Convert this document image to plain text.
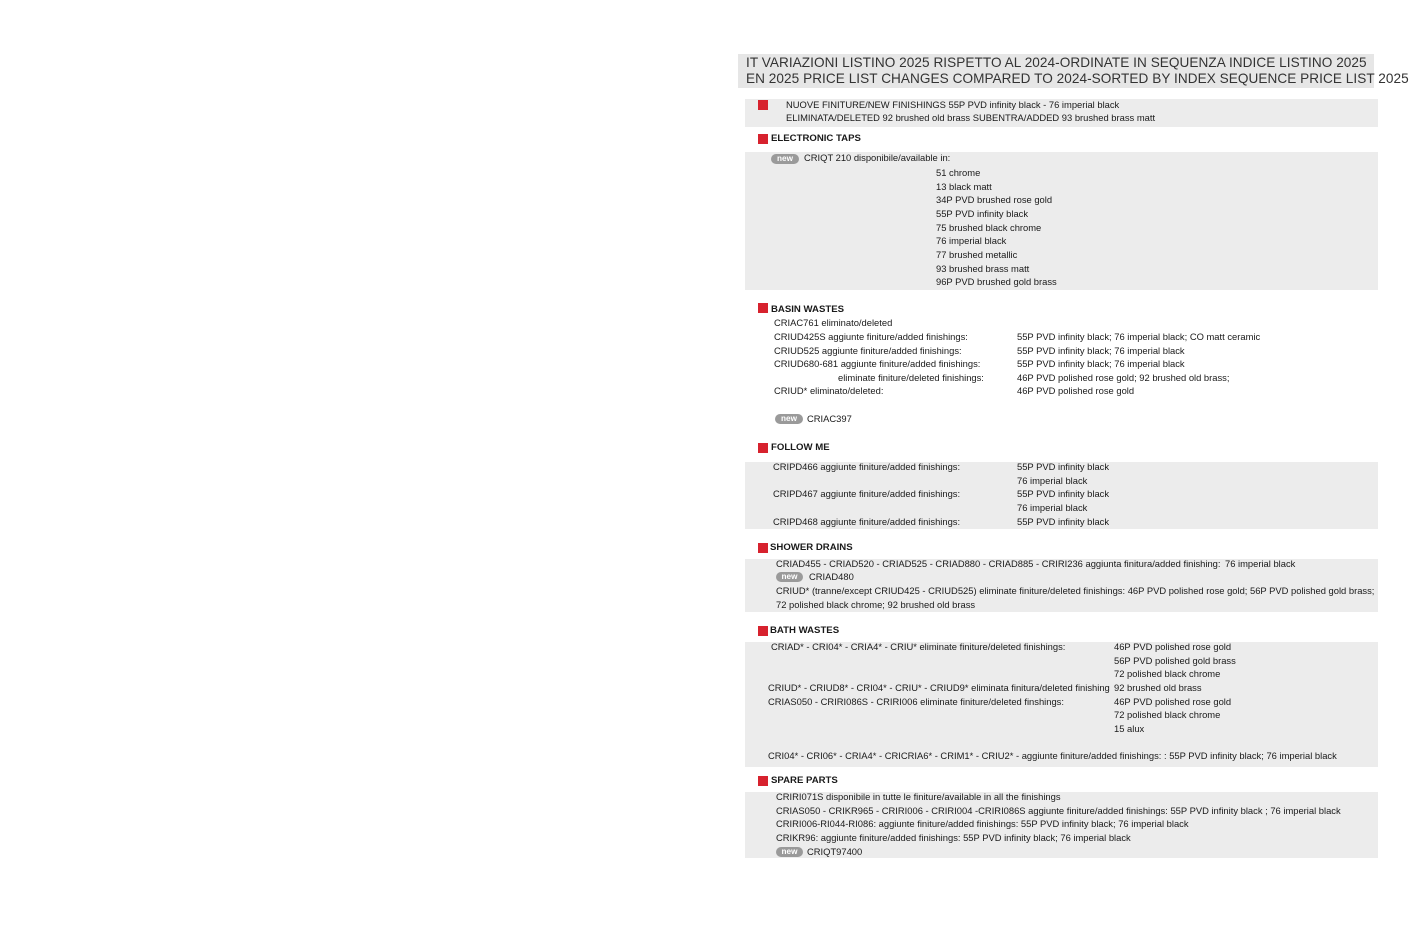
IT VARIAZIONI LISTINO 2025 RISPETTO AL 2024-ORDINATE IN SEQUENZA INDICE LISTINO 2025
EN 2025 PRICE LIST CHANGES COMPARED TO 2024-SORTED BY INDEX SEQUENCE PRICE LIST 2025
NUOVE FINITURE/NEW FINISHINGS 55P PVD infinity black - 76 imperial black
ELIMINATA/DELETED 92 brushed old brass SUBENTRA/ADDED 93 brushed brass matt
ELECTRONIC TAPS
new	CRIQT 210 disponibile/available in:
51 chrome
13 black matt
34P PVD brushed rose gold
55P PVD infinity black
75 brushed black chrome
76 imperial black
77 brushed metallic
93 brushed brass matt
96P PVD brushed gold brass
BASIN WASTES
CRIAC761 eliminato/deleted
CRIUD425S aggiunte finiture/added finishings:	55P PVD infinity black; 76 imperial black; CO matt ceramic
CRIUD525 aggiunte finiture/added finishings:	55P PVD infinity black; 76 imperial black
CRIUD680-681 aggiunte finiture/added finishings:	55P PVD infinity black; 76 imperial black
eliminate finiture/deleted finishings:	46P PVD polished rose gold; 92 brushed old brass;
CRIUD* eliminato/deleted:	46P PVD polished rose gold
new	CRIAC397
FOLLOW ME
CRIPD466 aggiunte finiture/added finishings:	55P PVD infinity black
76 imperial black
CRIPD467 aggiunte finiture/added finishings:	55P PVD infinity black
76 imperial black
CRIPD468 aggiunte finiture/added finishings:	55P PVD infinity black
SHOWER DRAINS
CRIAD455 - CRIAD520 - CRIAD525 - CRIAD880 - CRIAD885 - CRIRI236 aggiunta finitura/added finishing: 76 imperial black
new	CRIAD480
CRIUD* (tranne/except CRIUD425 - CRIUD525) eliminate finiture/deleted finishings: 46P PVD polished rose gold; 56P PVD polished gold brass;
72 polished black chrome; 92 brushed old brass
BATH WASTES
CRIAD* - CRI04* - CRIA4* - CRIU* eliminate finiture/deleted finishings:	46P PVD polished rose gold
56P PVD polished gold brass
72 polished black chrome
CRIUD* - CRIUD8* - CRI04* - CRIU* - CRIUD9* eliminata finitura/deleted finishing 92 brushed old brass
CRIAS050 - CRIRI086S - CRIRI006 eliminate finiture/deleted finshings:	46P PVD polished rose gold
72 polished black chrome
15 alux
CRI04* - CRI06* - CRIA4* - CRICRIA6* - CRIM1* - CRIU2* - aggiunte finiture/added finishings: : 55P PVD infinity black; 76 imperial black
SPARE PARTS
CRIRI071S disponibile in tutte le finiture/available in all the finishings
CRIAS050 - CRIKR965 - CRIRI006 - CRIRI004 -CRIRI086S aggiunte finiture/added finishings: 55P PVD infinity black ; 76 imperial black
CRIRI006-RI044-RI086: aggiunte finiture/added finishings: 55P PVD infinity black; 76 imperial black
CRIKR96: aggiunte finiture/added finishings: 55P PVD infinity black; 76 imperial black
new	CRIQT97400
